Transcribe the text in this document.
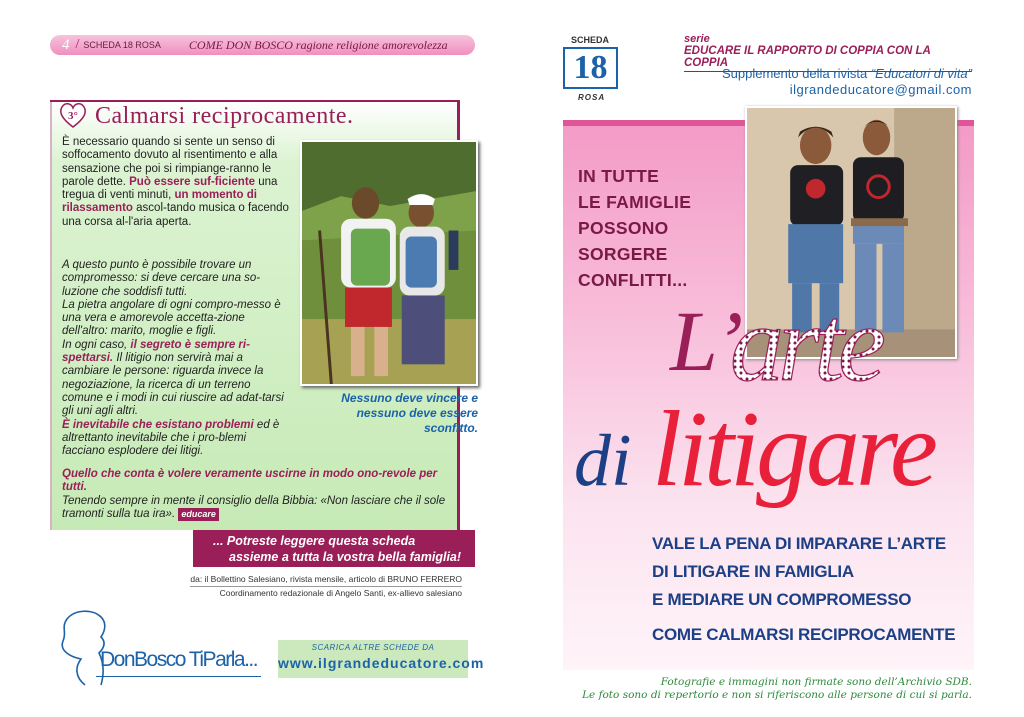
4 / SCHEDA 18 ROSA COME DON BOSCO ragione religione amorevolezza
3° Calmarsi reciprocamente.
È necessario quando si sente un senso di soffocamento dovuto al risentimento e alla sensazione che poi si rimpiange-ranno le parole dette. Può essere suf-ficiente una tregua di venti minuti, un momento di rilassamento ascol-tando musica o facendo una corsa al-l'aria aperta.
A questo punto è possibile trovare un compromesso: si deve cercare una so-luzione che soddisfi tutti.
La pietra angolare di ogni compro-messo è una vera e amorevole accetta-zione dell'altro: marito, moglie e figli.
In ogni caso, il segreto è sempre ri-spettarsi. Il litigio non servirà mai a cambiare le persone: riguarda invece la negoziazione, la ricerca di un terreno comune e i modi in cui riuscire ad adat-tarsi gli uni agli altri.
È inevitabile che esistano problemi ed è altrettanto inevitabile che i pro-blemi facciano esplodere dei litigi.
Quello che conta è volere veramente uscirne in modo ono-revole per tutti.
Tenendo sempre in mente il consiglio della Bibbia: «Non lasciare che il sole tramonti sulla tua ira». educare
Nessuno deve vincere e nessuno deve essere sconfitto.
... Potreste leggere questa scheda
assieme a tutta la vostra bella famiglia!
da: il Bollettino Salesiano, rivista mensile, articolo di BRUNO FERRERO
Coordinamento redazionale di Angelo Santi, ex-allievo salesiano
DonBosco TiParla...
SCARICA ALTRE SCHEDE DA
www.ilgrandeducatore.com
SCHEDA
18
ROSA
serie
EDUCARE IL RAPPORTO DI COPPIA CON LA COPPIA
Supplemento della rivista “Educatori di vita”
ilgrandeducatore@gmail.com
IN TUTTE
LE FAMIGLIE
POSSONO
SORGERE
CONFLITTI...
L’
arte
di litigare
VALE LA PENA DI IMPARARE L’ARTE
DI LITIGARE IN FAMIGLIA
E MEDIARE UN COMPROMESSO
COME CALMARSI RECIPROCAMENTE
Fotografie e immagini non firmate sono dell’Archivio SDB.
Le foto sono di repertorio e non si riferiscono alle persone di cui si parla.
